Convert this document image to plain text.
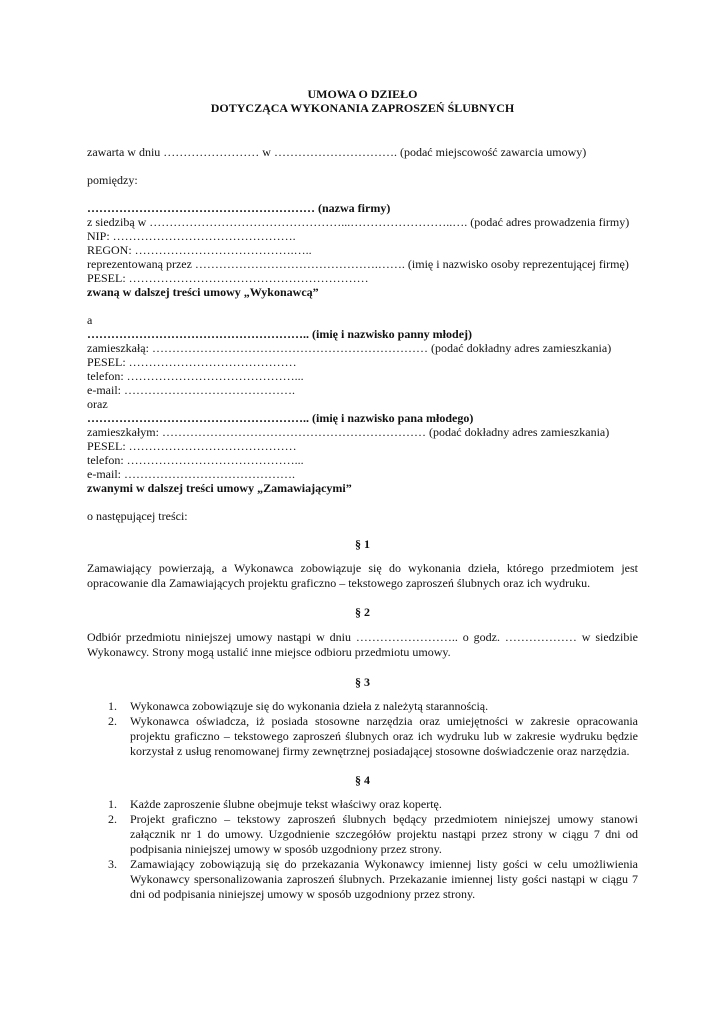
UMOWA O DZIEŁO
DOTYCZĄCA WYKONANIA ZAPROSZEŃ ŚLUBNYCH
zawarta w dniu …………………… w …………………………. (podać miejscowość zawarcia umowy)
pomiędzy:
………………………………………………… (nazwa firmy)
z siedzibą w …………………………………………...……………………..…. (podać adres prowadzenia firmy)
NIP: ……………………………………….
REGON: ………………………………….…..
reprezentowaną przez ……………………………………….……. (imię i nazwisko osoby reprezentującej firmę)
PESEL: ……………………………………………………
zwaną w dalszej treści umowy „Wykonawcą”
a
……………………………………………….. (imię i nazwisko panny młodej)
zamieszkałą: …………………………………………………………… (podać dokładny adres zamieszkania)
PESEL: ……………………………………
telefon: ……………………………………...
e-mail: …………………………………….
oraz
……………………………………………….. (imię i nazwisko pana młodego)
zamieszkałym: ………………………………………………………… (podać dokładny adres zamieszkania)
PESEL: ……………………………………
telefon: ……………………………………...
e-mail: …………………………………….
zwanymi w dalszej treści umowy „Zamawiającymi”
o następującej treści:
§ 1
Zamawiający powierzają, a Wykonawca zobowiązuje się do wykonania dzieła, którego przedmiotem jest opracowanie dla Zamawiających projektu graficzno – tekstowego zaproszeń ślubnych oraz ich wydruku.
§ 2
Odbiór przedmiotu niniejszej umowy nastąpi w dniu …………………….. o godz. ……………… w siedzibie Wykonawcy. Strony mogą ustalić inne miejsce odbioru przedmiotu umowy.
§ 3
1. Wykonawca zobowiązuje się do wykonania dzieła z należytą starannością.
2. Wykonawca oświadcza, iż posiada stosowne narzędzia oraz umiejętności w zakresie opracowania projektu graficzno – tekstowego zaproszeń ślubnych oraz ich wydruku lub w zakresie wydruku będzie korzystał z usług renomowanej firmy zewnętrznej posiadającej stosowne doświadczenie oraz narzędzia.
§ 4
1. Każde zaproszenie ślubne obejmuje tekst właściwy oraz kopertę.
2. Projekt graficzno – tekstowy zaproszeń ślubnych będący przedmiotem niniejszej umowy stanowi załącznik nr 1 do umowy. Uzgodnienie szczegółów projektu nastąpi przez strony w ciągu 7 dni od podpisania niniejszej umowy w sposób uzgodniony przez strony.
3. Zamawiający zobowiązują się do przekazania Wykonawcy imiennej listy gości w celu umożliwienia Wykonawcy spersonalizowania zaproszeń ślubnych. Przekazanie imiennej listy gości nastąpi w ciągu 7 dni od podpisania niniejszej umowy w sposób uzgodniony przez strony.
